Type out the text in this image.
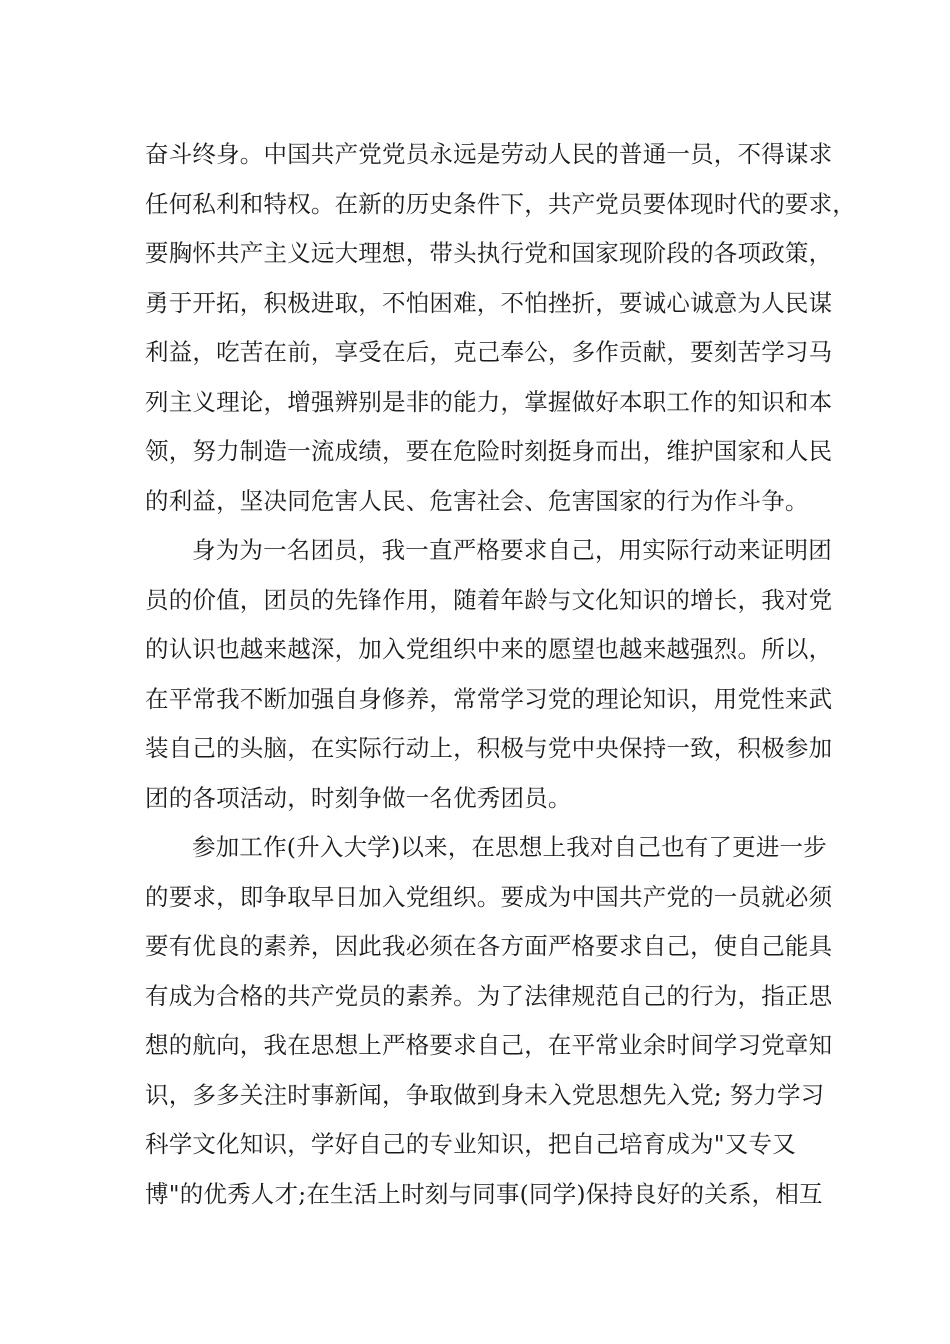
奋斗终身。中国共产党党员永远是劳动人民的普通一员，不得谋求
任何私利和特权。在新的历史条件下，共产党员要体现时代的要求，
要胸怀共产主义远大理想，带头执行党和国家现阶段的各项政策，
勇于开拓，积极进取，不怕困难，不怕挫折，要诚心诚意为人民谋
利益，吃苦在前，享受在后，克己奉公，多作贡献，要刻苦学习马
列主义理论，增强辨别是非的能力，掌握做好本职工作的知识和本
领，努力制造一流成绩，要在危险时刻挺身而出，维护国家和人民
的利益，坚决同危害人民、危害社会、危害国家的行为作斗争。
身为为一名团员，我一直严格要求自己，用实际行动来证明团
员的价值，团员的先锋作用，随着年龄与文化知识的增长，我对党
的认识也越来越深，加入党组织中来的愿望也越来越强烈。所以，
在平常我不断加强自身修养，常常学习党的理论知识，用党性来武
装自己的头脑，在实际行动上，积极与党中央保持一致，积极参加
团的各项活动，时刻争做一名优秀团员。
参加工作(升入大学)以来，在思想上我对自己也有了更进一步
的要求，即争取早日加入党组织。要成为中国共产党的一员就必须
要有优良的素养，因此我必须在各方面严格要求自己，使自己能具
有成为合格的共产党员的素养。为了法律规范自己的行为，指正思
想的航向，我在思想上严格要求自己，在平常业余时间学习党章知
识，多多关注时事新闻，争取做到身未入党思想先入党; 努力学习
科学文化知识，学好自己的专业知识，把自己培育成为"又专又
博"的优秀人才;在生活上时刻与同事(同学)保持良好的关系，相互
